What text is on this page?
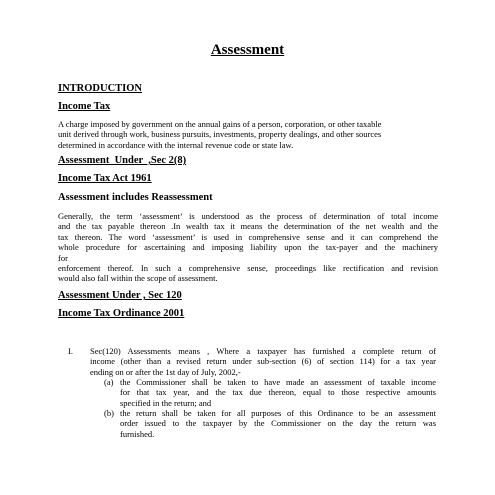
Assessment
INTRODUCTION
Income Tax
A charge imposed by government on the annual gains of a person, corporation, or other taxable
unit derived through work, business pursuits, investments, property dealings, and other sources
determined in accordance with the internal revenue code or state law.
Assessment  Under  ,Sec 2(8)
Income Tax Act 1961
Assessment includes Reassessment
Generally, the term ‘assessment’ is understood as the process of determination of total income
and the tax payable thereon .In wealth tax it means the determination of the net wealth and the
tax thereon. The word ‘assessment’ is used in comprehensive sense and it can comprehend the
whole procedure for ascertaining and imposing liability upon the tax-payer and the machinery
for
enforcement thereof. In such a comprehensive sense, proceedings like rectification and revision
would also fall within the scope of assessment.
Assessment Under , Sec 120
Income Tax Ordinance 2001
I. Sec(120) Assessments means , Where a taxpayer has furnished a complete return of
income (other than a revised return under sub-section (6) of section 114) for a tax year
ending on or after the 1st day of July, 2002,-
(a) the Commissioner shall be taken to have made an assessment of taxable income
for that tax year, and the tax due thereon, equal to those respective amounts
specified in the return; and
(b) the return shall be taken for all purposes of this Ordinance to be an assessment
order issued to the taxpayer by the Commissioner on the day the return was
furnished.
